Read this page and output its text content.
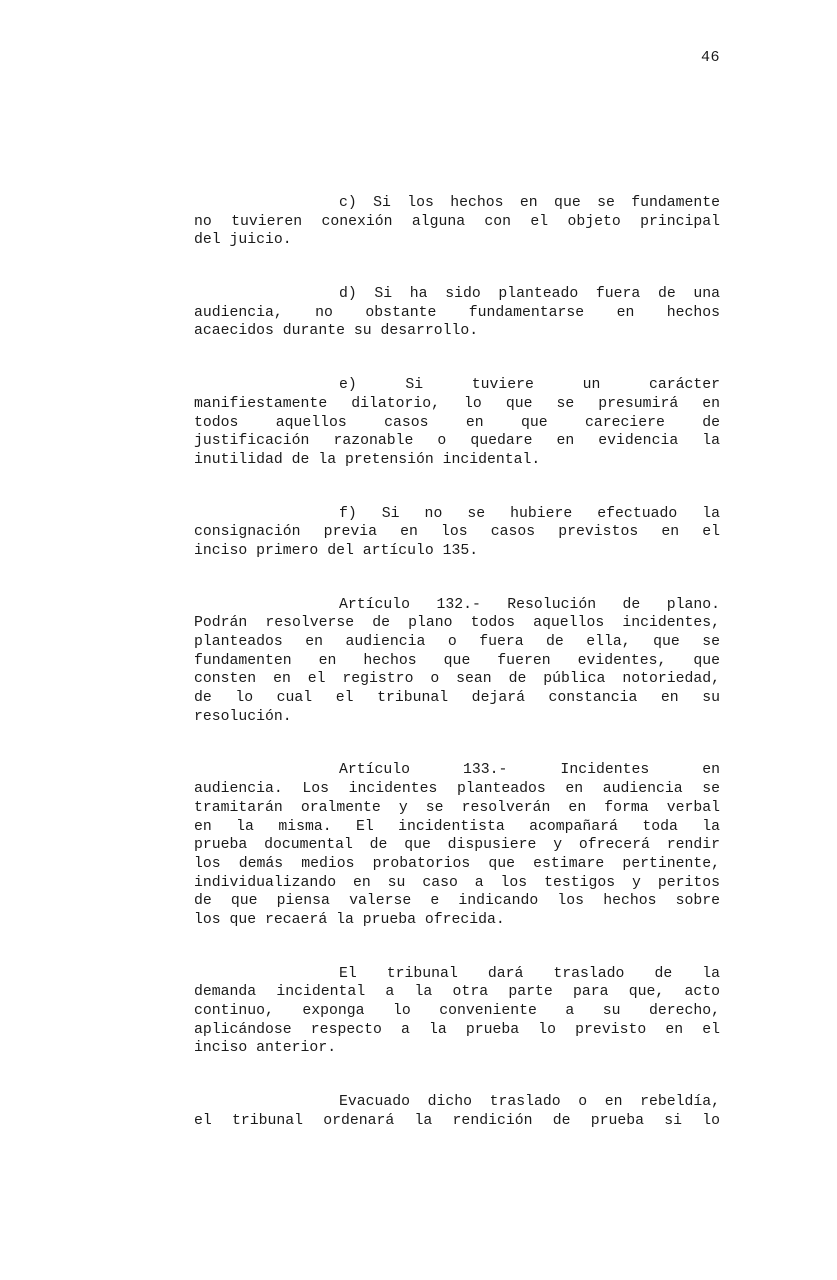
46

c) Si los hechos en que se fundamente
no tuvieren conexión alguna con el objeto principal
del juicio.

d) Si ha sido planteado fuera de una
audiencia, no obstante fundamentarse en hechos
acaecidos durante su desarrollo.

e) Si tuviere un carácter
manifiestamente dilatorio, lo que se presumirá en
todos aquellos casos en que careciere de
justificación razonable o quedare en evidencia la
inutilidad de la pretensión incidental.

f) Si no se hubiere efectuado la
consignación previa en los casos previstos en el
inciso primero del artículo 135.

Artículo 132.- Resolución de plano.
Podrán resolverse de plano todos aquellos incidentes,
planteados en audiencia o fuera de ella, que se
fundamenten en hechos que fueren evidentes, que
consten en el registro o sean de pública notoriedad,
de lo cual el tribunal dejará constancia en su
resolución.

Artículo 133.- Incidentes en
audiencia. Los incidentes planteados en audiencia se
tramitarán oralmente y se resolverán en forma verbal
en la misma. El incidentista acompañará toda la
prueba documental de que dispusiere y ofrecerá rendir
los demás medios probatorios que estimare pertinente,
individualizando en su caso a los testigos y peritos
de que piensa valerse e indicando los hechos sobre
los que recaerá la prueba ofrecida.

El tribunal dará traslado de la
demanda incidental a la otra parte para que, acto
continuo, exponga lo conveniente a su derecho,
aplicándose respecto a la prueba lo previsto en el
inciso anterior.

Evacuado dicho traslado o en rebeldía,
el tribunal ordenará la rendición de prueba si lo
